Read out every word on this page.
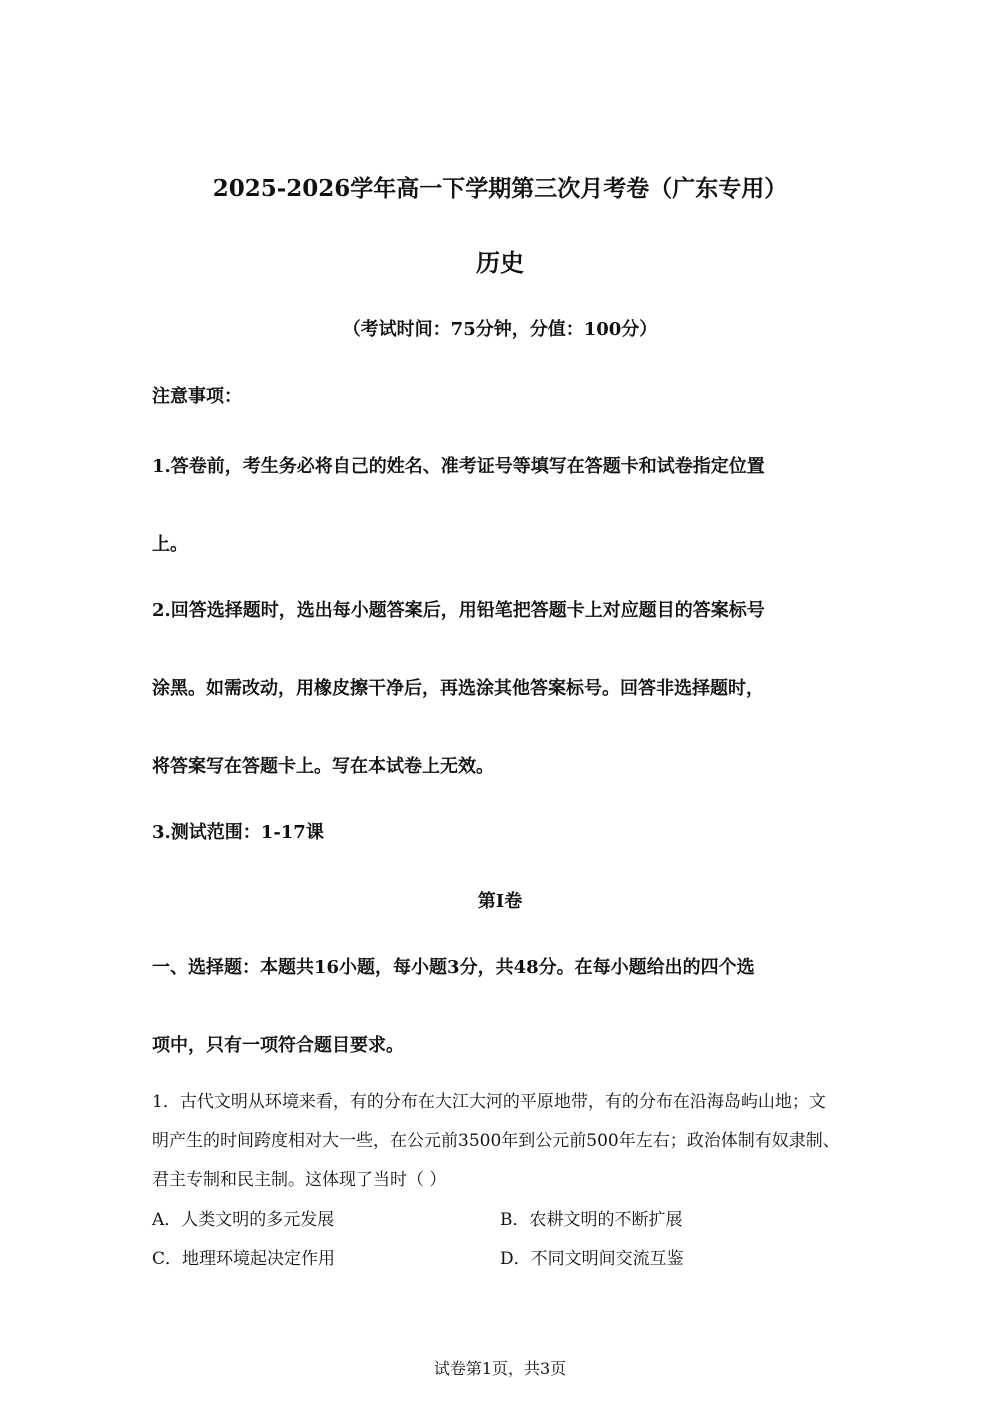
2025-2026学年高一下学期第三次月考卷（广东专用）
历史
（考试时间：75分钟，分值：100分）
注意事项：
1.答卷前，考生务必将自己的姓名、准考证号等填写在答题卡和试卷指定位置
上。
2.回答选择题时，选出每小题答案后，用铅笔把答题卡上对应题目的答案标号
涂黑。如需改动，用橡皮擦干净后，再选涂其他答案标号。回答非选择题时，
将答案写在答题卡上。写在本试卷上无效。
3.测试范围：1-17课
第Ⅰ卷
一、选择题：本题共16小题，每小题3分，共48分。在每小题给出的四个选
项中，只有一项符合题目要求。
1．古代文明从环境来看，有的分布在大江大河的平原地带，有的分布在沿海岛屿山地；文
明产生的时间跨度相对大一些，在公元前3500年到公元前500年左右；政治体制有奴隶制、
君主专制和民主制。这体现了当时（ ）
A．人类文明的多元发展	B．农耕文明的不断扩展
C．地理环境起决定作用	D．不同文明间交流互鉴
试卷第1页，共3页
